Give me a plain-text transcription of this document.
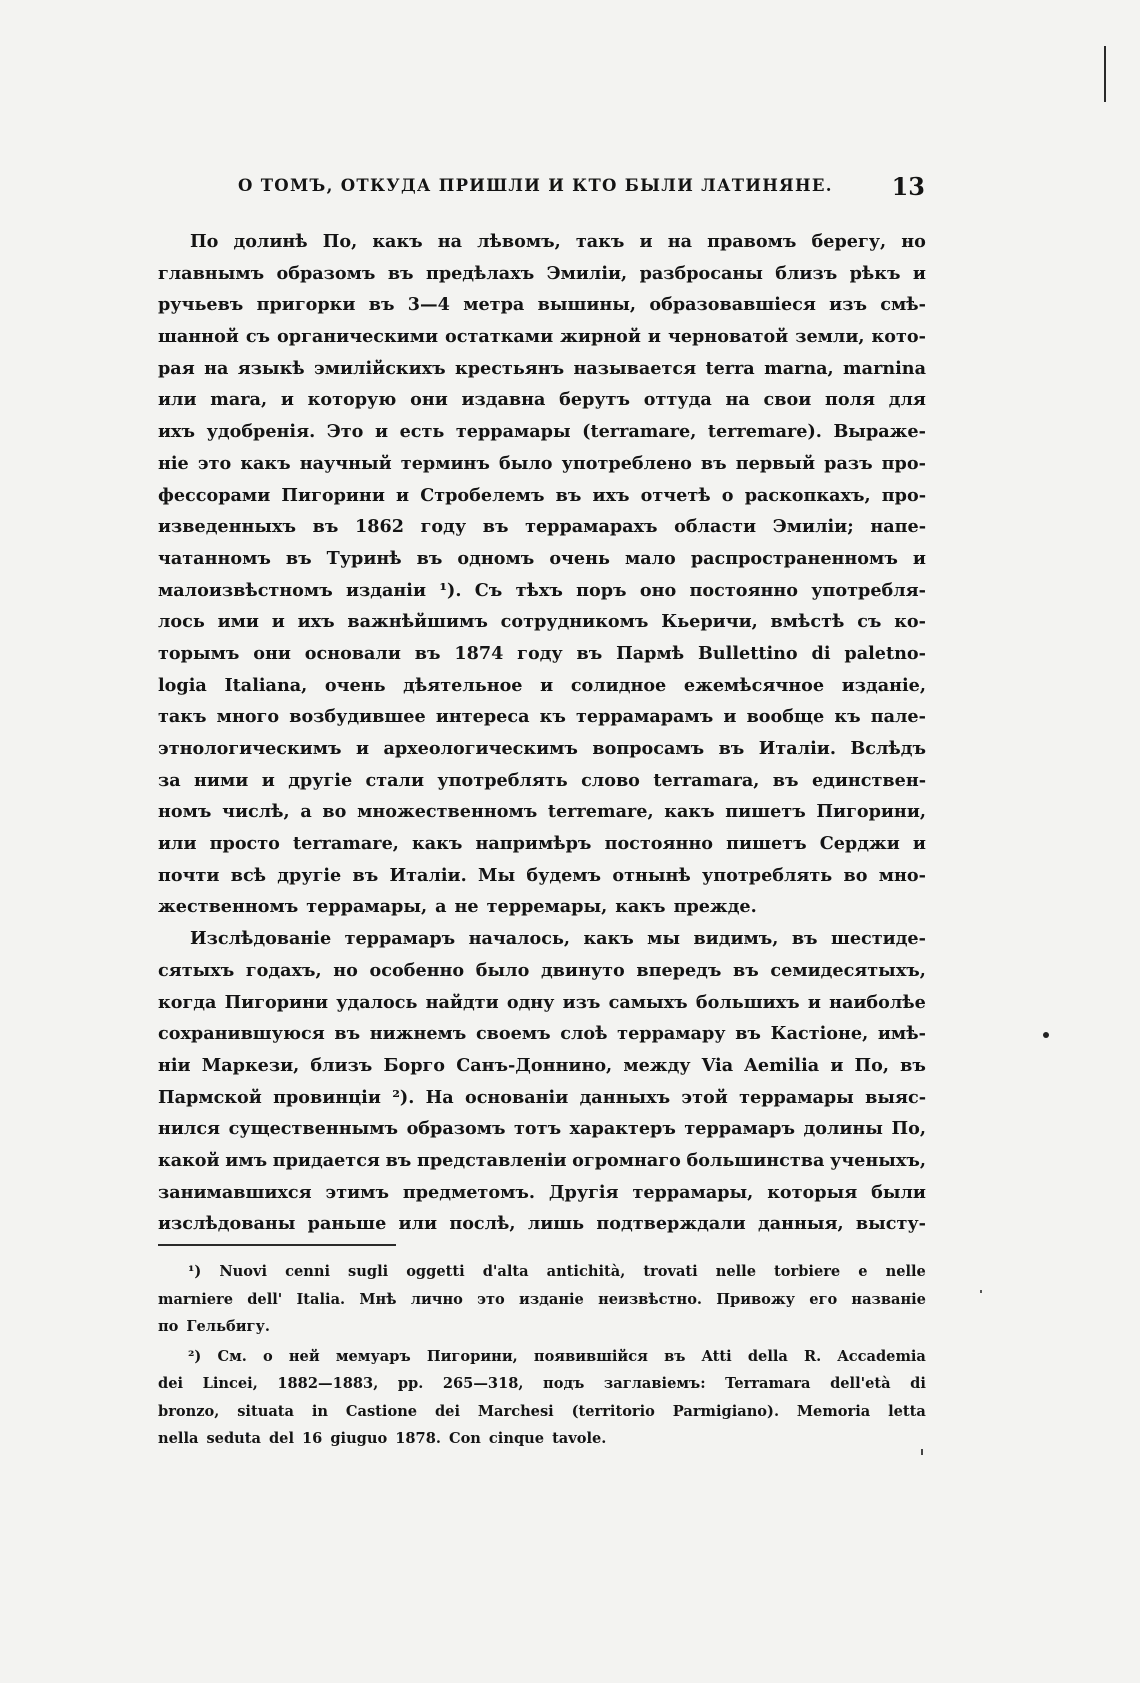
О ТОМЪ, ОТКУДА ПРИШЛИ И КТО БЫЛИ ЛАТИНЯНЕ. 13
По долинѣ По, какъ на лѣвомъ, такъ и на правомъ берегу, но
главнымъ образомъ въ предѣлахъ Эмиліи, разбросаны близъ рѣкъ и
ручьевъ пригорки въ 3—4 метра вышины, образовавшіеся изъ смѣ-
шанной съ органическими остатками жирной и черноватой земли, кото-
рая на языкѣ эмилійскихъ крестьянъ называется terra marna, marnina
или mara, и которую они издавна берутъ оттуда на свои поля для
ихъ удобренія. Это и есть террамары (terramare, terremare). Выраже-
ніе это какъ научный терминъ было употреблено въ первый разъ про-
фессорами Пигорини и Стробелемъ въ ихъ отчетѣ о раскопкахъ, про-
изведенныхъ въ 1862 году въ террамарахъ области Эмиліи; напе-
чатанномъ въ Туринѣ въ одномъ очень мало распространенномъ и
малоизвѣстномъ изданіи ¹). Съ тѣхъ поръ оно постоянно употребля-
лось ими и ихъ важнѣйшимъ сотрудникомъ Кьеричи, вмѣстѣ съ ко-
торымъ они основали въ 1874 году въ Пармѣ Bullettino di paletno-
logia Italiana, очень дѣятельное и солидное ежемѣсячное изданіе,
такъ много возбудившее интереса къ террамарамъ и вообще къ пале-
этнологическимъ и археологическимъ вопросамъ въ Италіи. Вслѣдъ
за ними и другіе стали употреблять слово terramara, въ единствен-
номъ числѣ, а во множественномъ terremare, какъ пишетъ Пигорини,
или просто terramare, какъ напримѣръ постоянно пишетъ Серджи и
почти всѣ другіе въ Италіи. Мы будемъ отнынѣ употреблять во мно-
жественномъ террамары, а не терремары, какъ прежде.
Изслѣдованіе террамаръ началось, какъ мы видимъ, въ шестиде-
сятыхъ годахъ, но особенно было двинуто впередъ въ семидесятыхъ,
когда Пигорини удалось найдти одну изъ самыхъ большихъ и наиболѣе
сохранившуюся въ нижнемъ своемъ слоѣ террамару въ Кастіоне, имѣ-
ніи Маркези, близъ Борго Санъ-Доннино, между Via Aemilia и По, въ
Пармской провинціи ²). На основаніи данныхъ этой террамары выяс-
нился существеннымъ образомъ тотъ характеръ террамаръ долины По,
какой имъ придается въ представленіи огромнаго большинства ученыхъ,
занимавшихся этимъ предметомъ. Другія террамары, которыя были
изслѣдованы раньше или послѣ, лишь подтверждали данныя, высту-
¹) Nuovi cenni sugli oggetti d'alta antichità, trovati nelle torbiere e nelle
marniere dell' Italia. Мнѣ лично это изданіе неизвѣстно. Привожу его названіе
по Гельбигу.
²) См. о ней мемуаръ Пигорини, появившійся въ Atti della R. Accademia
dei Lincei, 1882—1883, pp. 265—318, подъ заглавіемъ: Terramara dell'età di
bronzo, situata in Castione dei Marchesi (territorio Parmigiano). Memoria letta
nella seduta del 16 giuguo 1878. Con cinque tavole.
